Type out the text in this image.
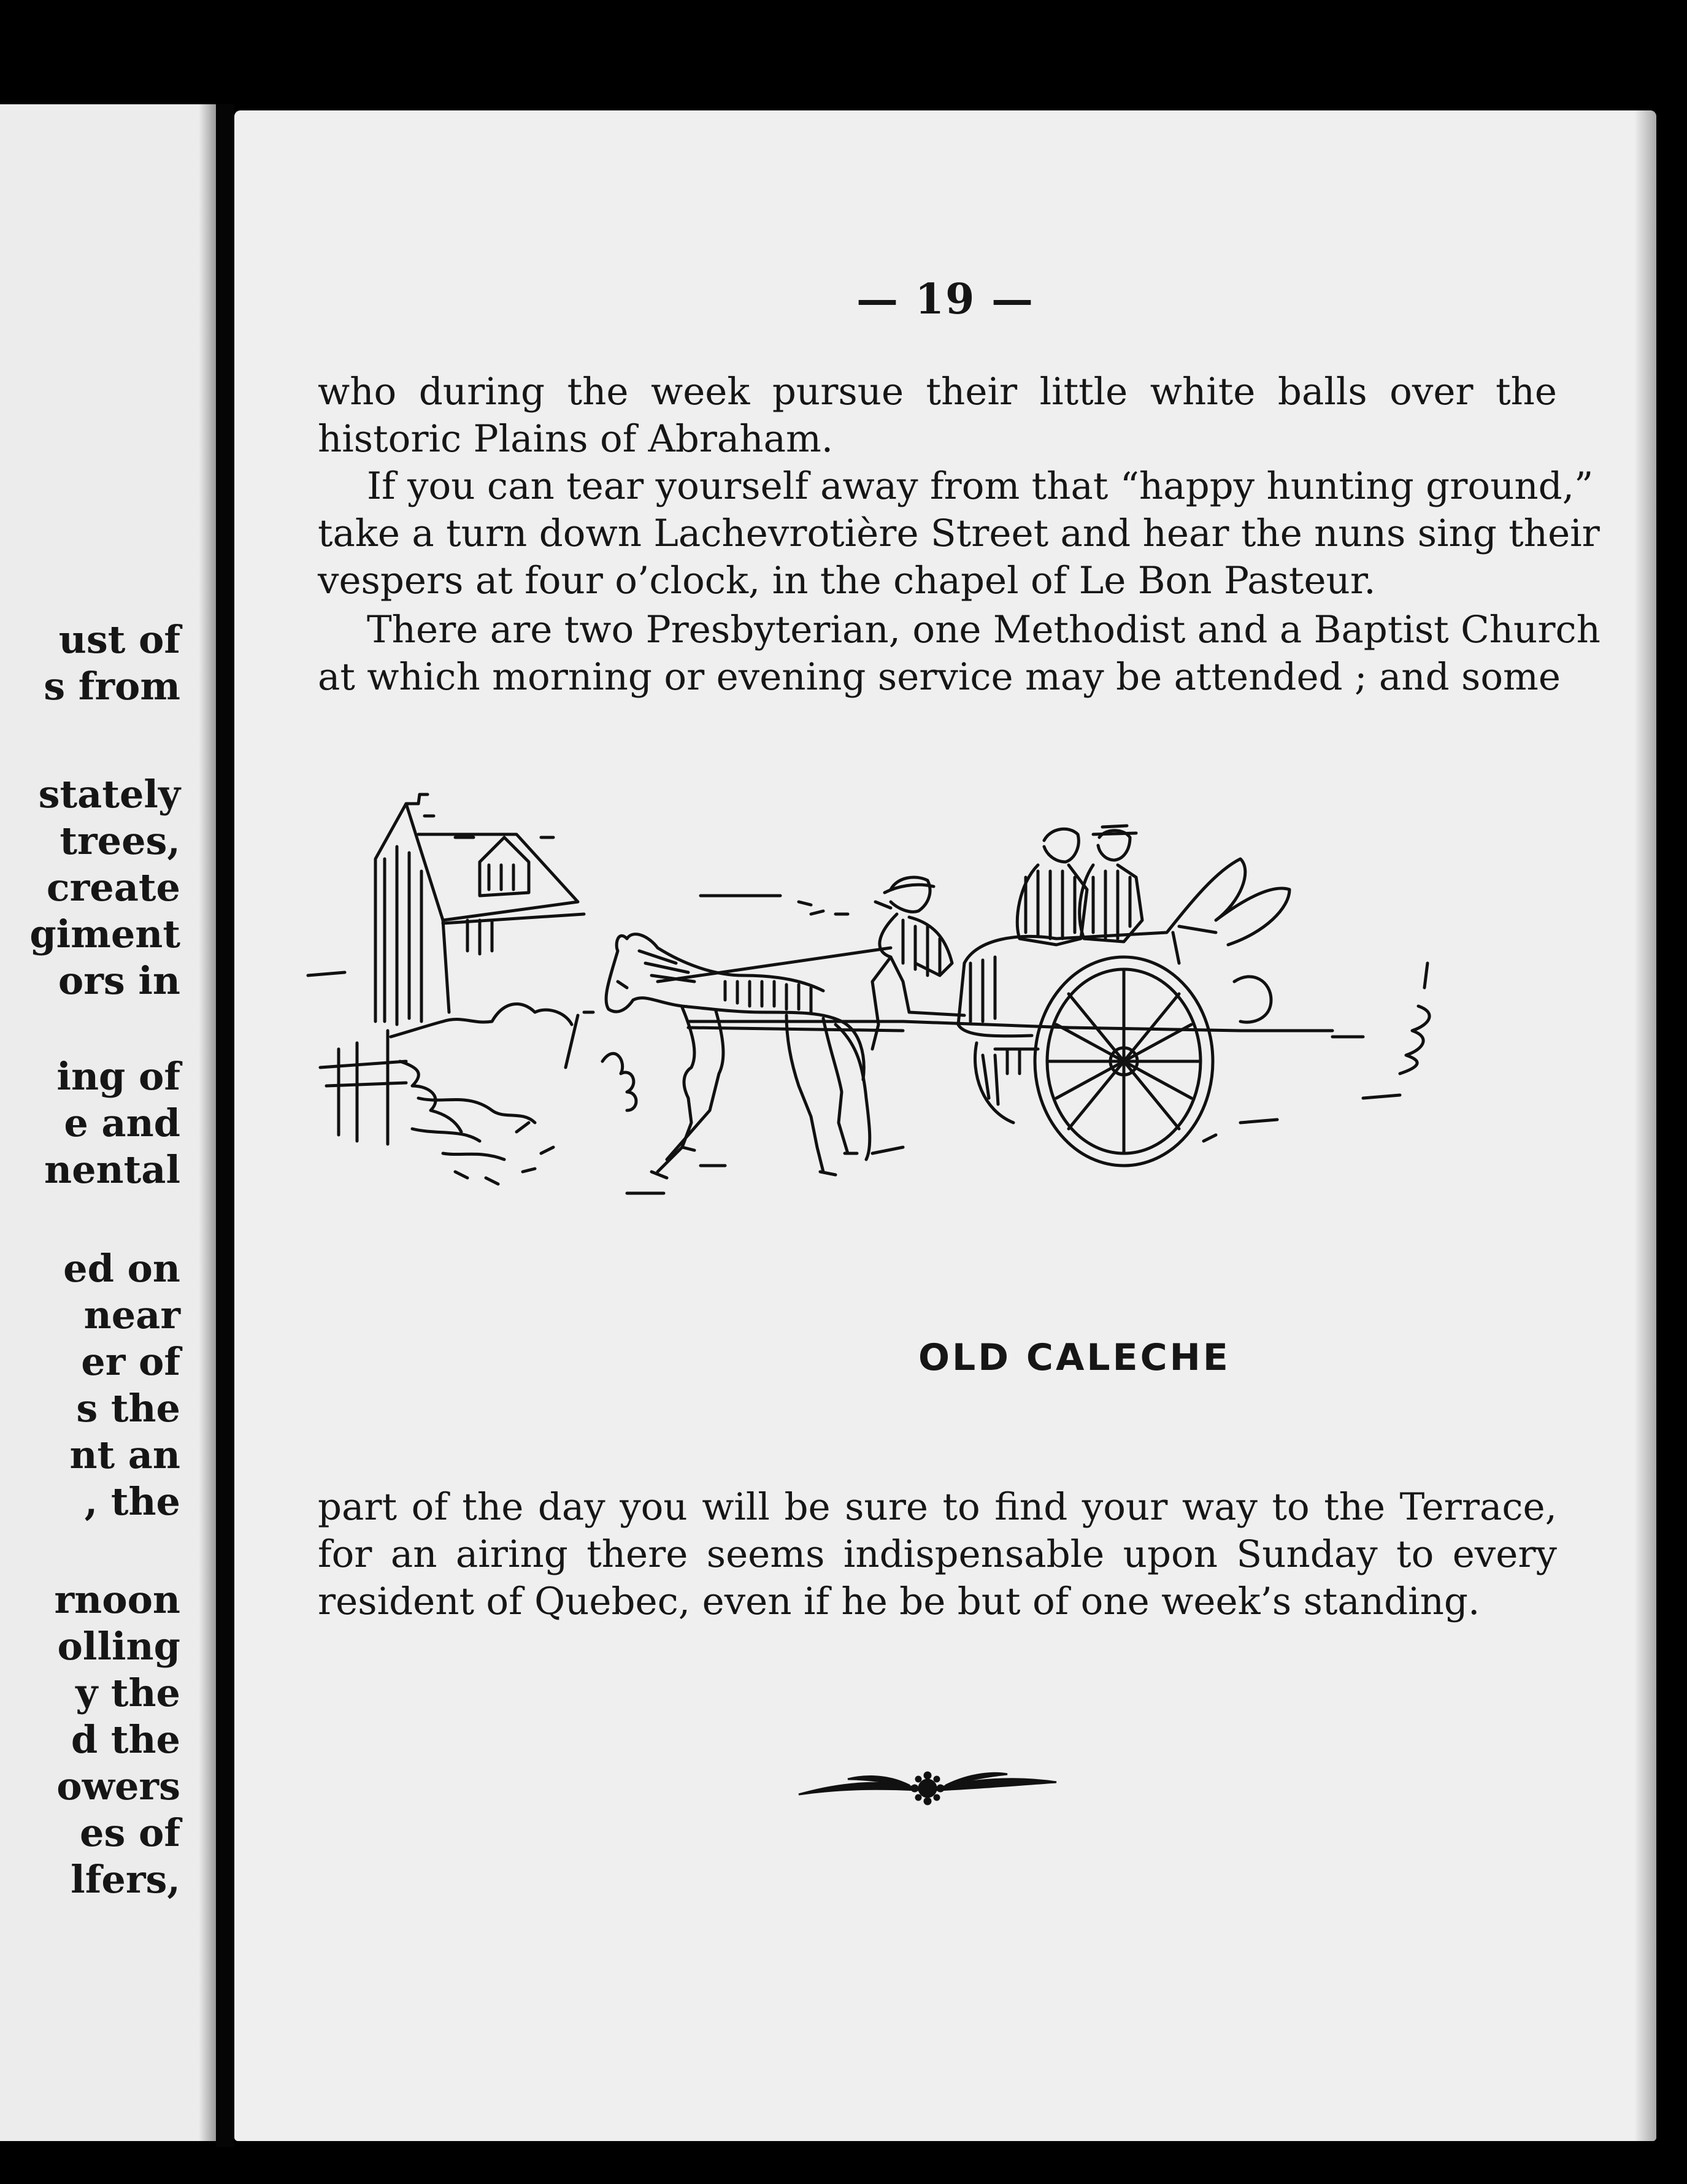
ust of
s from
stately
trees,
create
giment
ors in
ing of
e and
nental
ed on
near
er of
s the
nt an
, the
rnoon
olling
y the
d the
owers
es of
lfers,
— 19 —

who during the week pursue their little white balls over the
historic Plains of Abraham.

If you can tear yourself away from that “happy hunting ground,”
take a turn down Lachevrotière Street and hear the nuns sing their
vespers at four o’clock, in the chapel of Le Bon Pasteur.

There are two Presbyterian, one Methodist and a Baptist Church
at which morning or evening service may be attended ; and some

OLD CALECHE

part of the day you will be sure to find your way to the Terrace,
for an airing there seems indispensable upon Sunday to every
resident of Quebec, even if he be but of one week’s standing.
